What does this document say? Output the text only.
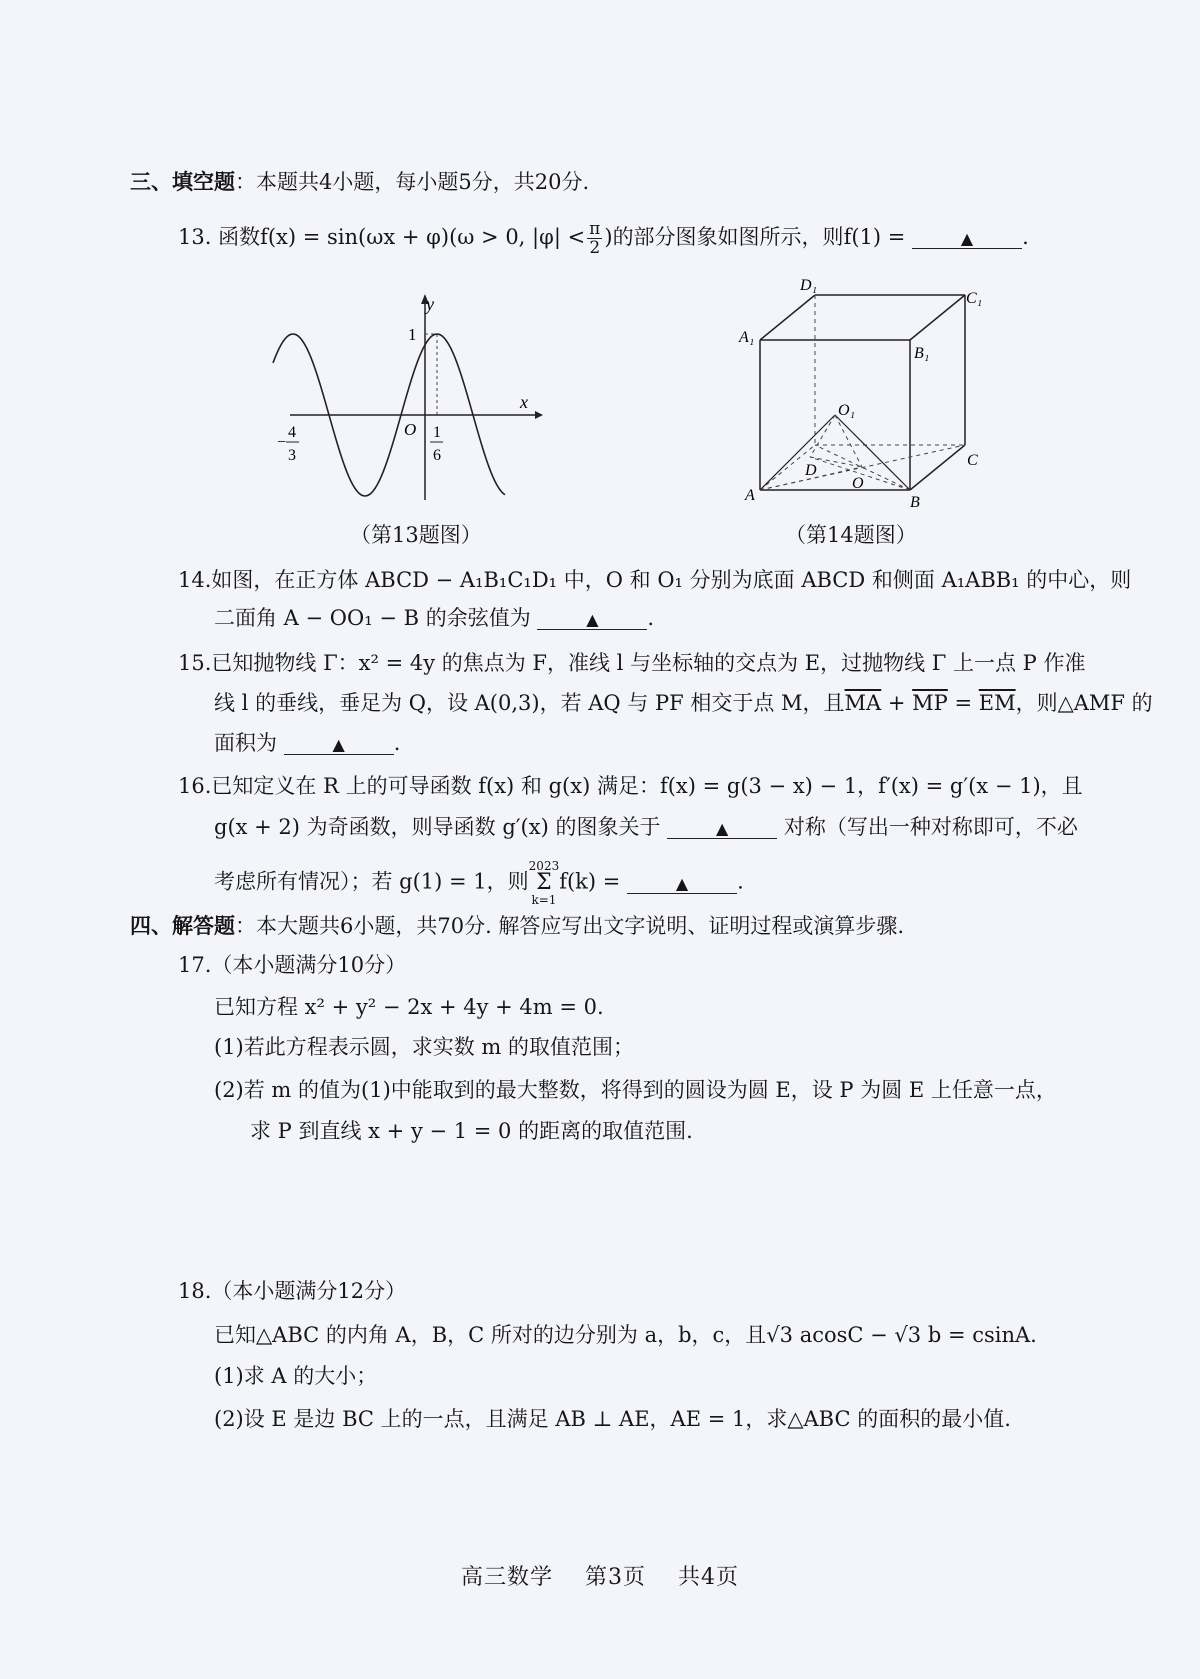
三、填空题：本题共4小题，每小题5分，共20分.
13. 函数f(x) = sin(ωx + φ)(ω > 0, $|\varphi| < \frac{\pi}{2}$ )的部分图象如图所示，则f(1) =	▲ .
y
x
1
O
−
4
3
1
6
（第13题图）
D₁
C₁
A₁
B₁
O₁
D
C
O
A	B
（第14题图）
14.如图，在正方体 ABCD − A₁B₁C₁D₁ 中，O 和 O₁ 分别为底面 ABCD 和侧面 A₁ABB₁ 的中心，则
二面角 A − OO₁ − B 的余弦值为	▲ .
15.已知抛物线 Γ：x² = 4y 的焦点为 F，准线 l 与坐标轴的交点为 E，过抛物线 Γ 上一点 P 作准
线 l 的垂线，垂足为 Q，设 A(0,3)，若 AQ 与 PF 相交于点 M，且$\overline{MA} + \overline{MP} = \overline{EM}$，则△AMF 的
面积为	▲ .
16.已知定义在 R 上的可导函数 f(x) 和 g(x) 满足：f(x) = g(3 − x) − 1，f′(x) = g′(x − 1)，且
g(x + 2) 为奇函数，则导函数 g′(x) 的图象关于	▲	对称（写出一种对称即可，不必
考虑所有情况）；若 g(1) = 1，则2023
Σ
k=1f(k) =	▲ .
四、解答题：本大题共6小题，共70分. 解答应写出文字说明、证明过程或演算步骤.
17.（本小题满分10分）
已知方程 x² + y² − 2x + 4y + 4m = 0.
(1)若此方程表示圆，求实数 m 的取值范围；
(2)若 m 的值为(1)中能取到的最大整数，将得到的圆设为圆 E，设 P 为圆 E 上任意一点，
求 P 到直线 x + y − 1 = 0 的距离的取值范围.
18.（本小题满分12分）
已知△ABC 的内角 A，B，C 所对的边分别为 a，b，c，且√3 acosC − √3 b = csinA.
(1)求 A 的大小；
(2)设 E 是边 BC 上的一点，且满足 AB ⊥ AE，AE = 1，求△ABC 的面积的最小值.
高三数学 第3页 共4页
